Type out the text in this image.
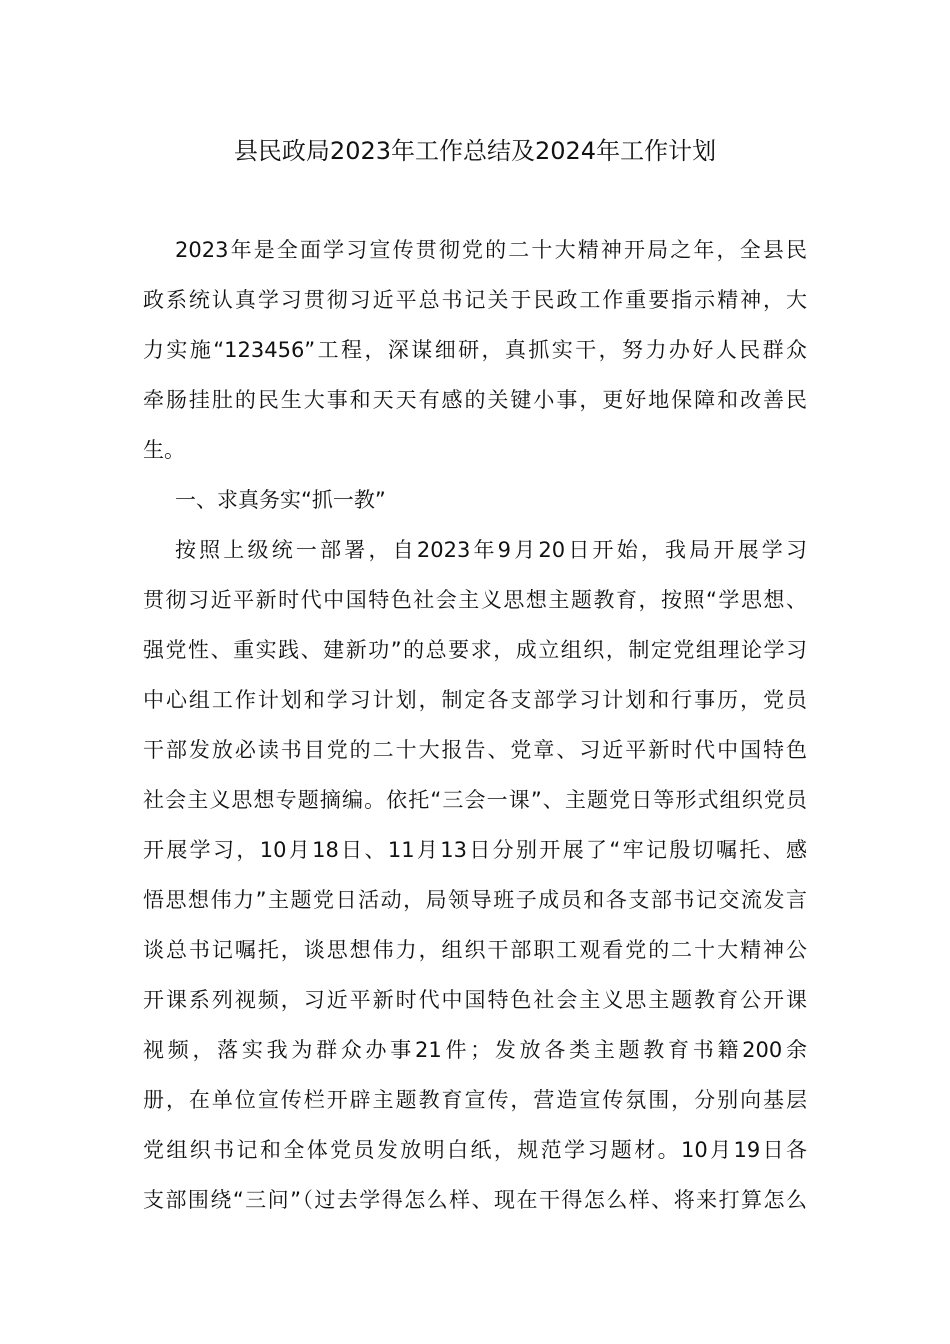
县民政局2023年工作总结及2024年工作计划
2023年是全面学习宣传贯彻党的二十大精神开局之年，全县民
政系统认真学习贯彻习近平总书记关于民政工作重要指示精神，大
力实施“123456”工程，深谋细研，真抓实干，努力办好人民群众
牵肠挂肚的民生大事和天天有感的关键小事，更好地保障和改善民
生。
一、求真务实“抓一教”
按照上级统一部署，自2023年9月20日开始，我局开展学习
贯彻习近平新时代中国特色社会主义思想主题教育，按照“学思想、
强党性、重实践、建新功”的总要求，成立组织，制定党组理论学习
中心组工作计划和学习计划，制定各支部学习计划和行事历，党员
干部发放必读书目党的二十大报告、党章、习近平新时代中国特色
社会主义思想专题摘编。依托“三会一课”、主题党日等形式组织党员
开展学习，10月18日、11月13日分别开展了“牢记殷切嘱托、感
悟思想伟力”主题党日活动，局领导班子成员和各支部书记交流发言
谈总书记嘱托，谈思想伟力，组织干部职工观看党的二十大精神公
开课系列视频，习近平新时代中国特色社会主义思主题教育公开课
视频，落实我为群众办事21件；发放各类主题教育书籍200余
册，在单位宣传栏开辟主题教育宣传，营造宣传氛围，分别向基层
党组织书记和全体党员发放明白纸，规范学习题材。10月19日各
支部围绕“三问”（过去学得怎么样、现在干得怎么样、将来打算怎么
